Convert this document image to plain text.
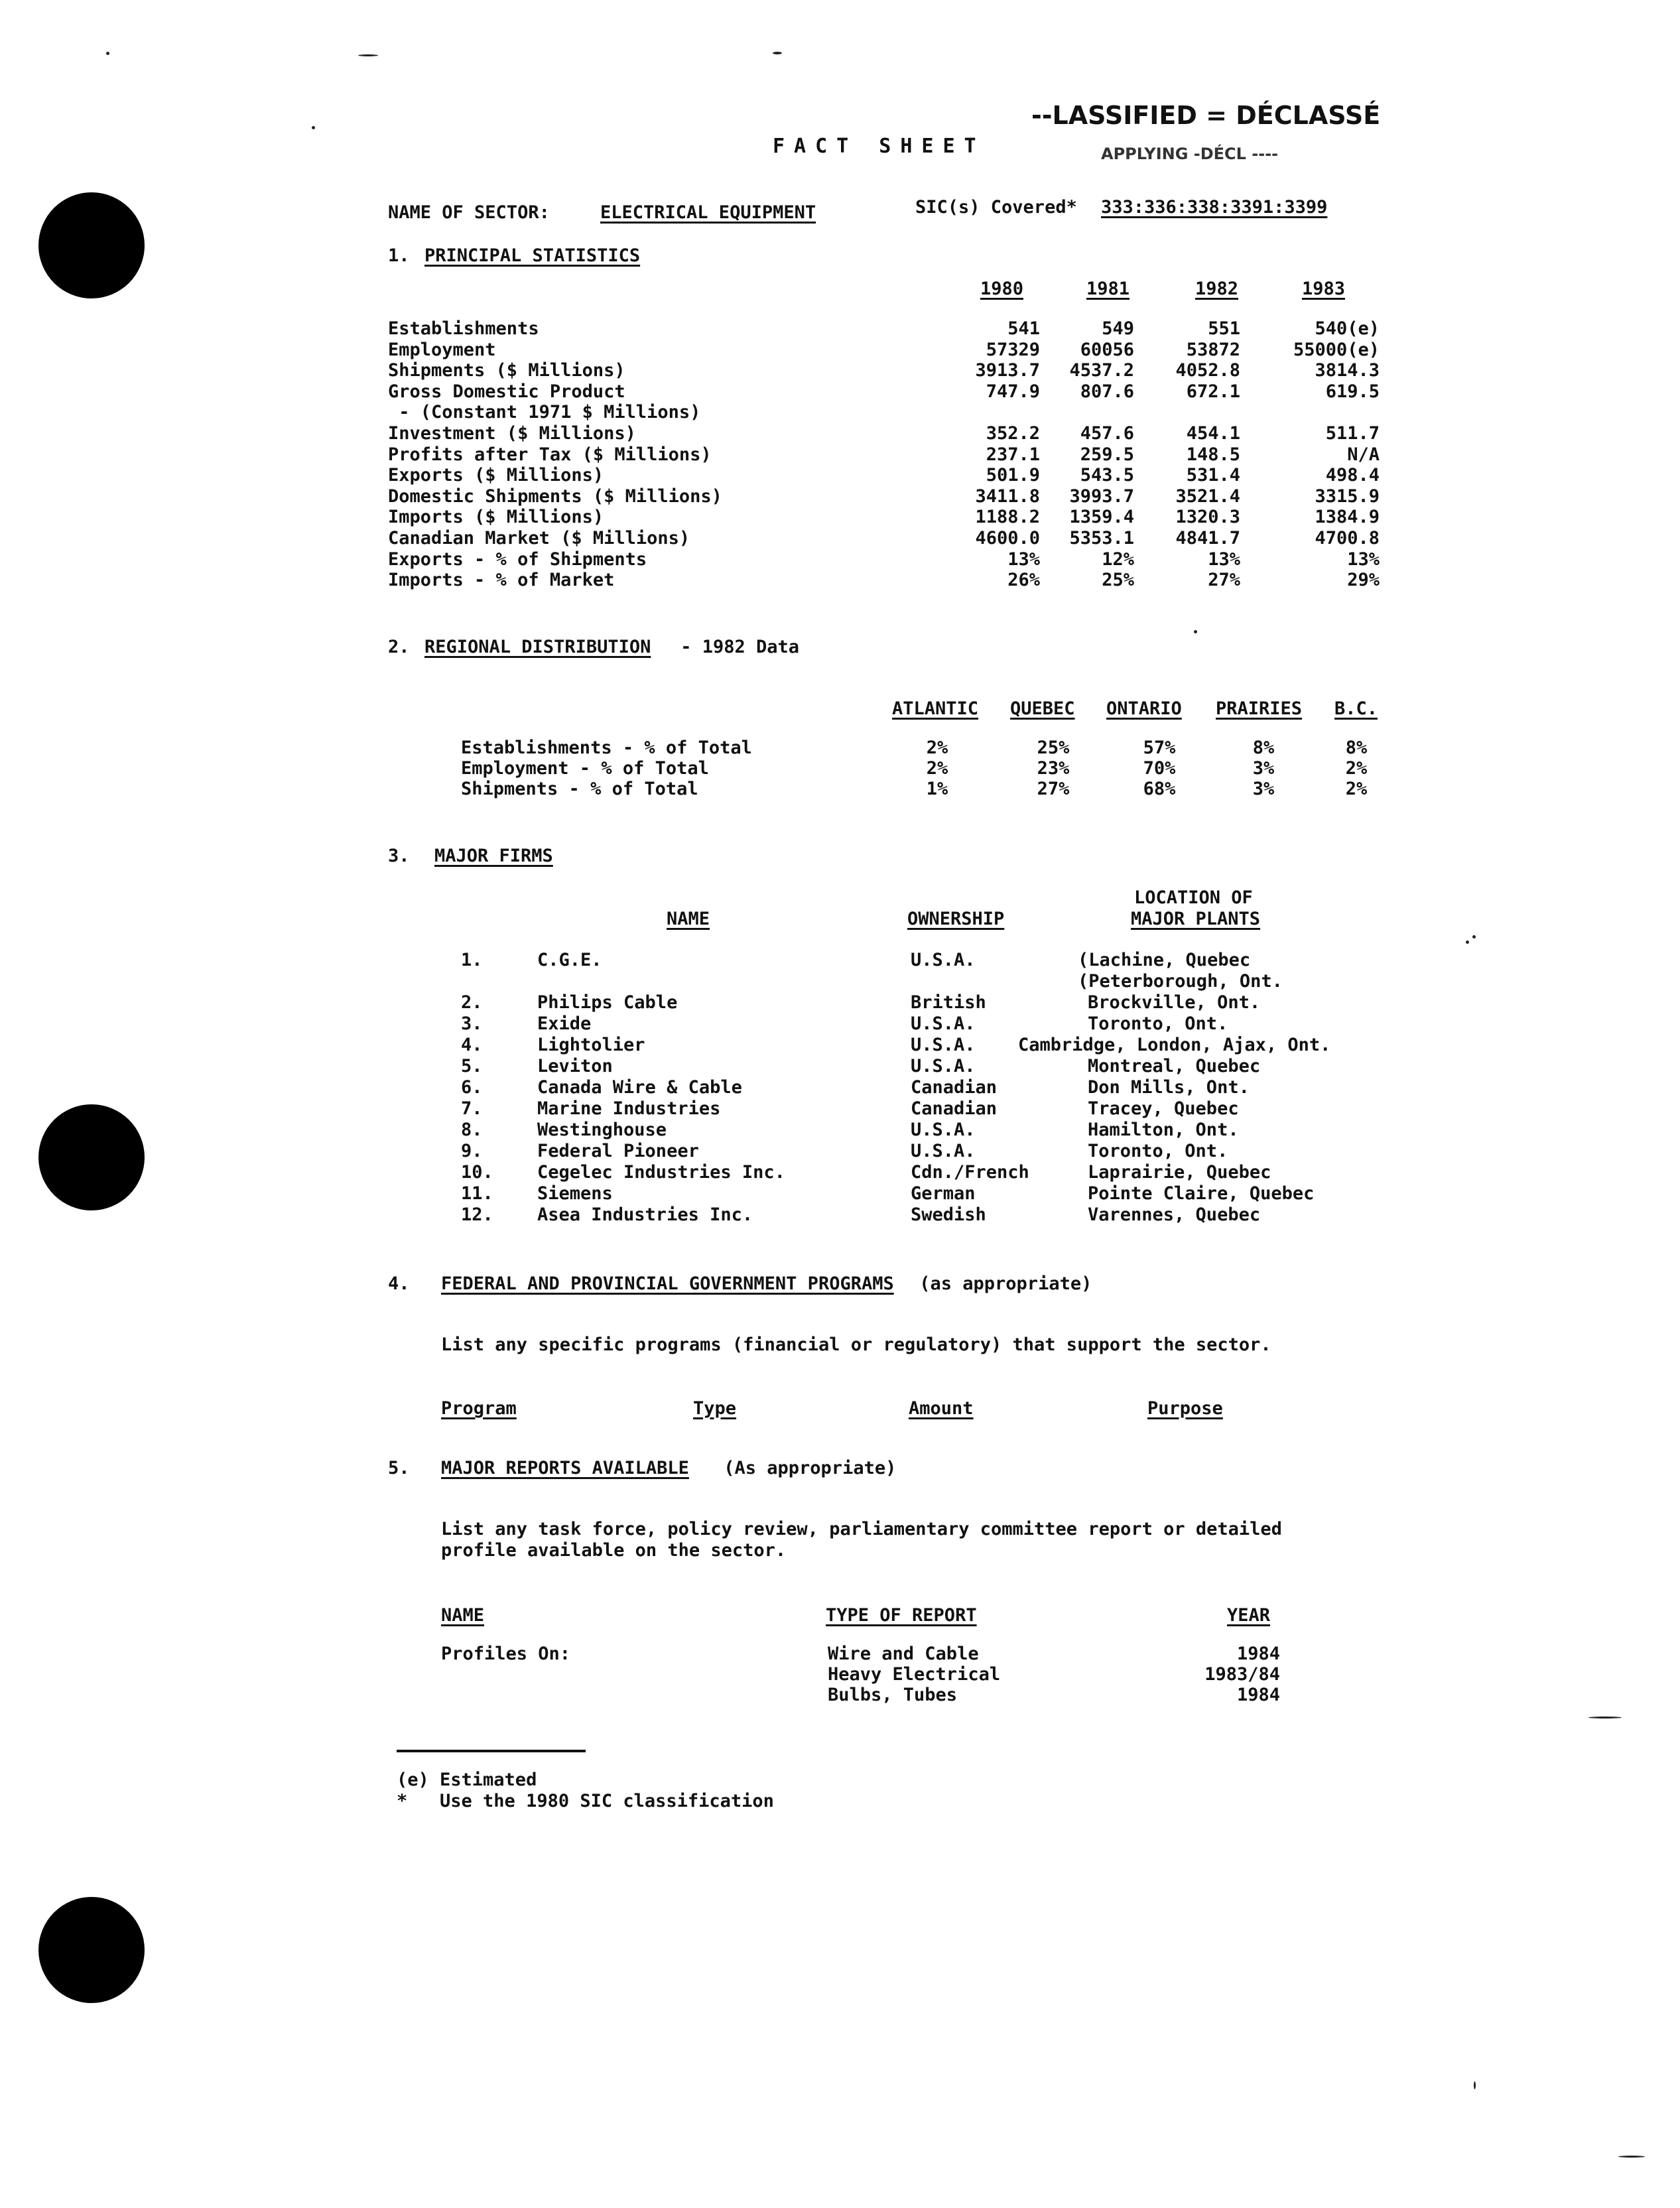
--LASSIFIED = DÉCLASSÉ
APPLYING -DÉCL ----
FACT SHEET
NAME OF SECTOR:	ELECTRICAL EQUIPMENT	SIC(s) Covered* 333:336:338:3391:3399
1. PRINCIPAL STATISTICS
1980	1981	1982	1983
Establishments	541	549	551	540(e)
Employment	57329	60056	53872	55000(e)
Shipments ($ Millions)	3913.7	4537.2	4052.8	3814.3
Gross Domestic Product	747.9	807.6	672.1	619.5
- (Constant 1971 $ Millions)
Investment ($ Millions)	352.2	457.6	454.1	511.7
Profits after Tax ($ Millions)	237.1	259.5	148.5	N/A
Exports ($ Millions)	501.9	543.5	531.4	498.4
Domestic Shipments ($ Millions)	3411.8	3993.7	3521.4	3315.9
Imports ($ Millions)	1188.2	1359.4	1320.3	1384.9
Canadian Market ($ Millions)	4600.0	5353.1	4841.7	4700.8
Exports - % of Shipments	13%	12%	13%	13%
Imports - % of Market	26%	25%	27%	29%
2. REGIONAL DISTRIBUTION - 1982 Data
ATLANTIC QUEBEC ONTARIO PRAIRIES B.C.
Establishments - % of Total	2%	25%	57%	8%	8%
Employment - % of Total	2%	23%	70%	3%	2%
Shipments - % of Total	1%	27%	68%	3%	2%
3. MAJOR FIRMS
NAME	OWNERSHIP
LOCATION OF
MAJOR PLANTS
1.	C.G.E.	U.S.A.	(Lachine, Quebec
(Peterborough, Ont.
2.	Philips Cable	British	Brockville, Ont.
3.	Exide	U.S.A.	Toronto, Ont.
4.	Lightolier	U.S.A. Cambridge, London, Ajax, Ont.
5.	Leviton	U.S.A.	Montreal, Quebec
6.	Canada Wire & Cable	Canadian	Don Mills, Ont.
7.	Marine Industries	Canadian	Tracey, Quebec
8.	Westinghouse	U.S.A.	Hamilton, Ont.
9.	Federal Pioneer	U.S.A.	Toronto, Ont.
10. Cegelec Industries Inc.	Cdn./French	Laprairie, Quebec
11. Siemens	German	Pointe Claire, Quebec
12. Asea Industries Inc.	Swedish	Varennes, Quebec
4. FEDERAL AND PROVINCIAL GOVERNMENT PROGRAMS (as appropriate)
List any specific programs (financial or regulatory) that support the sector.
Program	Type	Amount	Purpose
5. MAJOR REPORTS AVAILABLE (As appropriate)
List any task force, policy review, parliamentary committee report or detailed
profile available on the sector.
NAME	TYPE OF REPORT	YEAR
Profiles On:	Wire and Cable	1984
Heavy Electrical	1983/84
Bulbs, Tubes	1984
(e) Estimated
*   Use the 1980 SIC classification
